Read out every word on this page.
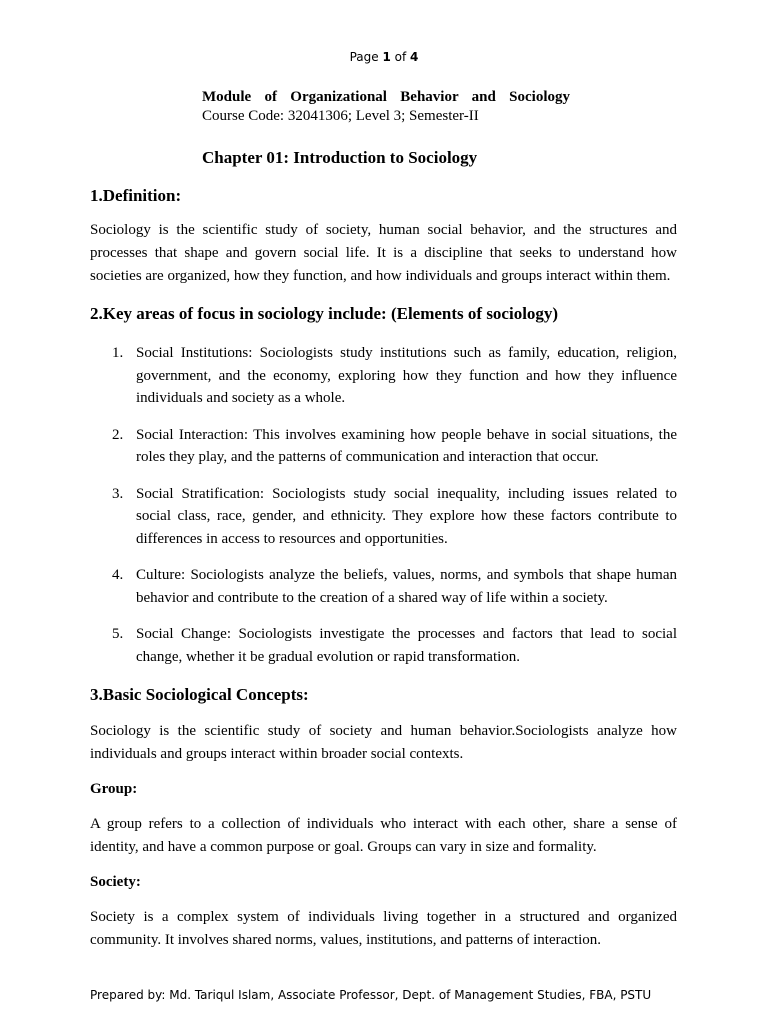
Page 1 of 4
Module of Organizational Behavior and Sociology
Course Code: 32041306; Level 3; Semester-II
Chapter 01: Introduction to Sociology
1.Definition:
Sociology is the scientific study of society, human social behavior, and the structures and processes that shape and govern social life. It is a discipline that seeks to understand how societies are organized, how they function, and how individuals and groups interact within them.
2.Key areas of focus in sociology include: (Elements of sociology)
1. Social Institutions: Sociologists study institutions such as family, education, religion, government, and the economy, exploring how they function and how they influence individuals and society as a whole.
2. Social Interaction: This involves examining how people behave in social situations, the roles they play, and the patterns of communication and interaction that occur.
3. Social Stratification: Sociologists study social inequality, including issues related to social class, race, gender, and ethnicity. They explore how these factors contribute to differences in access to resources and opportunities.
4. Culture: Sociologists analyze the beliefs, values, norms, and symbols that shape human behavior and contribute to the creation of a shared way of life within a society.
5. Social Change: Sociologists investigate the processes and factors that lead to social change, whether it be gradual evolution or rapid transformation.
3.Basic Sociological Concepts:
Sociology is the scientific study of society and human behavior.Sociologists analyze how individuals and groups interact within broader social contexts.
Group:
A group refers to a collection of individuals who interact with each other, share a sense of identity, and have a common purpose or goal. Groups can vary in size and formality.
Society:
Society is a complex system of individuals living together in a structured and organized community. It involves shared norms, values, institutions, and patterns of interaction.
Prepared by: Md. Tariqul Islam, Associate Professor, Dept. of Management Studies, FBA, PSTU
